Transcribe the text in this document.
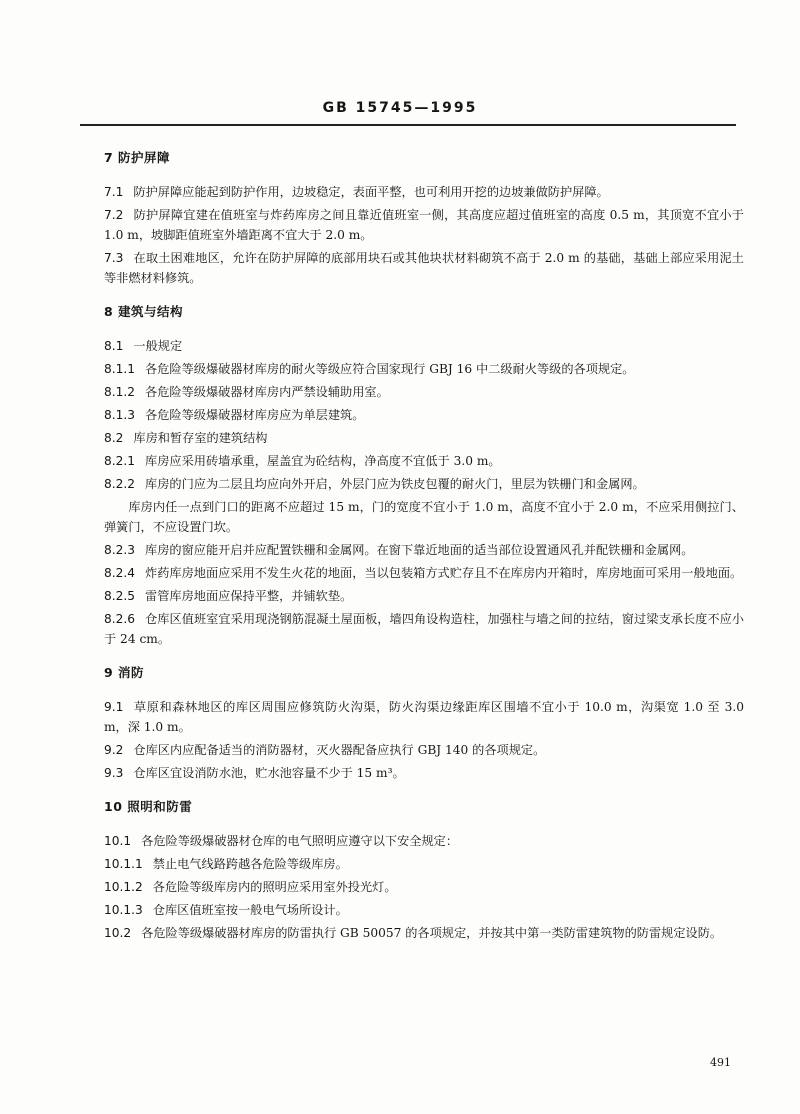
GB 15745—1995
7 防护屏障
7.1 防护屏障应能起到防护作用，边坡稳定，表面平整，也可利用开挖的边坡兼做防护屏障。
7.2 防护屏障宜建在值班室与炸药库房之间且靠近值班室一侧，其高度应超过值班室的高度 0.5 m，其顶宽不宜小于 1.0 m，坡脚距值班室外墙距离不宜大于 2.0 m。
7.3 在取土困难地区，允许在防护屏障的底部用块石或其他块状材料砌筑不高于 2.0 m 的基础，基础上部应采用泥土等非燃材料修筑。
8 建筑与结构
8.1 一般规定
8.1.1 各危险等级爆破器材库房的耐火等级应符合国家现行 GBJ 16 中二级耐火等级的各项规定。
8.1.2 各危险等级爆破器材库房内严禁设辅助用室。
8.1.3 各危险等级爆破器材库房应为单层建筑。
8.2 库房和暂存室的建筑结构
8.2.1 库房应采用砖墙承重，屋盖宜为砼结构，净高度不宜低于 3.0 m。
8.2.2 库房的门应为二层且均应向外开启，外层门应为铁皮包覆的耐火门，里层为铁栅门和金属网。
库房内任一点到门口的距离不应超过 15 m，门的宽度不宜小于 1.0 m，高度不宜小于 2.0 m，不应采用侧拉门、弹簧门，不应设置门坎。
8.2.3 库房的窗应能开启并应配置铁栅和金属网。在窗下靠近地面的适当部位设置通风孔并配铁栅和金属网。
8.2.4 炸药库房地面应采用不发生火花的地面，当以包装箱方式贮存且不在库房内开箱时，库房地面可采用一般地面。
8.2.5 雷管库房地面应保持平整，并铺软垫。
8.2.6 仓库区值班室宜采用现浇钢筋混凝土屋面板，墙四角设构造柱，加强柱与墙之间的拉结，窗过梁支承长度不应小于 24 cm。
9 消防
9.1 草原和森林地区的库区周围应修筑防火沟渠，防火沟渠边缘距库区围墙不宜小于 10.0 m，沟渠宽 1.0 至 3.0 m，深 1.0 m。
9.2 仓库区内应配备适当的消防器材，灭火器配备应执行 GBJ 140 的各项规定。
9.3 仓库区宜设消防水池，贮水池容量不少于 15 m³。
10 照明和防雷
10.1 各危险等级爆破器材仓库的电气照明应遵守以下安全规定：
10.1.1 禁止电气线路跨越各危险等级库房。
10.1.2 各危险等级库房内的照明应采用室外投光灯。
10.1.3 仓库区值班室按一般电气场所设计。
10.2 各危险等级爆破器材库房的防雷执行 GB 50057 的各项规定，并按其中第一类防雷建筑物的防雷规定设防。
491
